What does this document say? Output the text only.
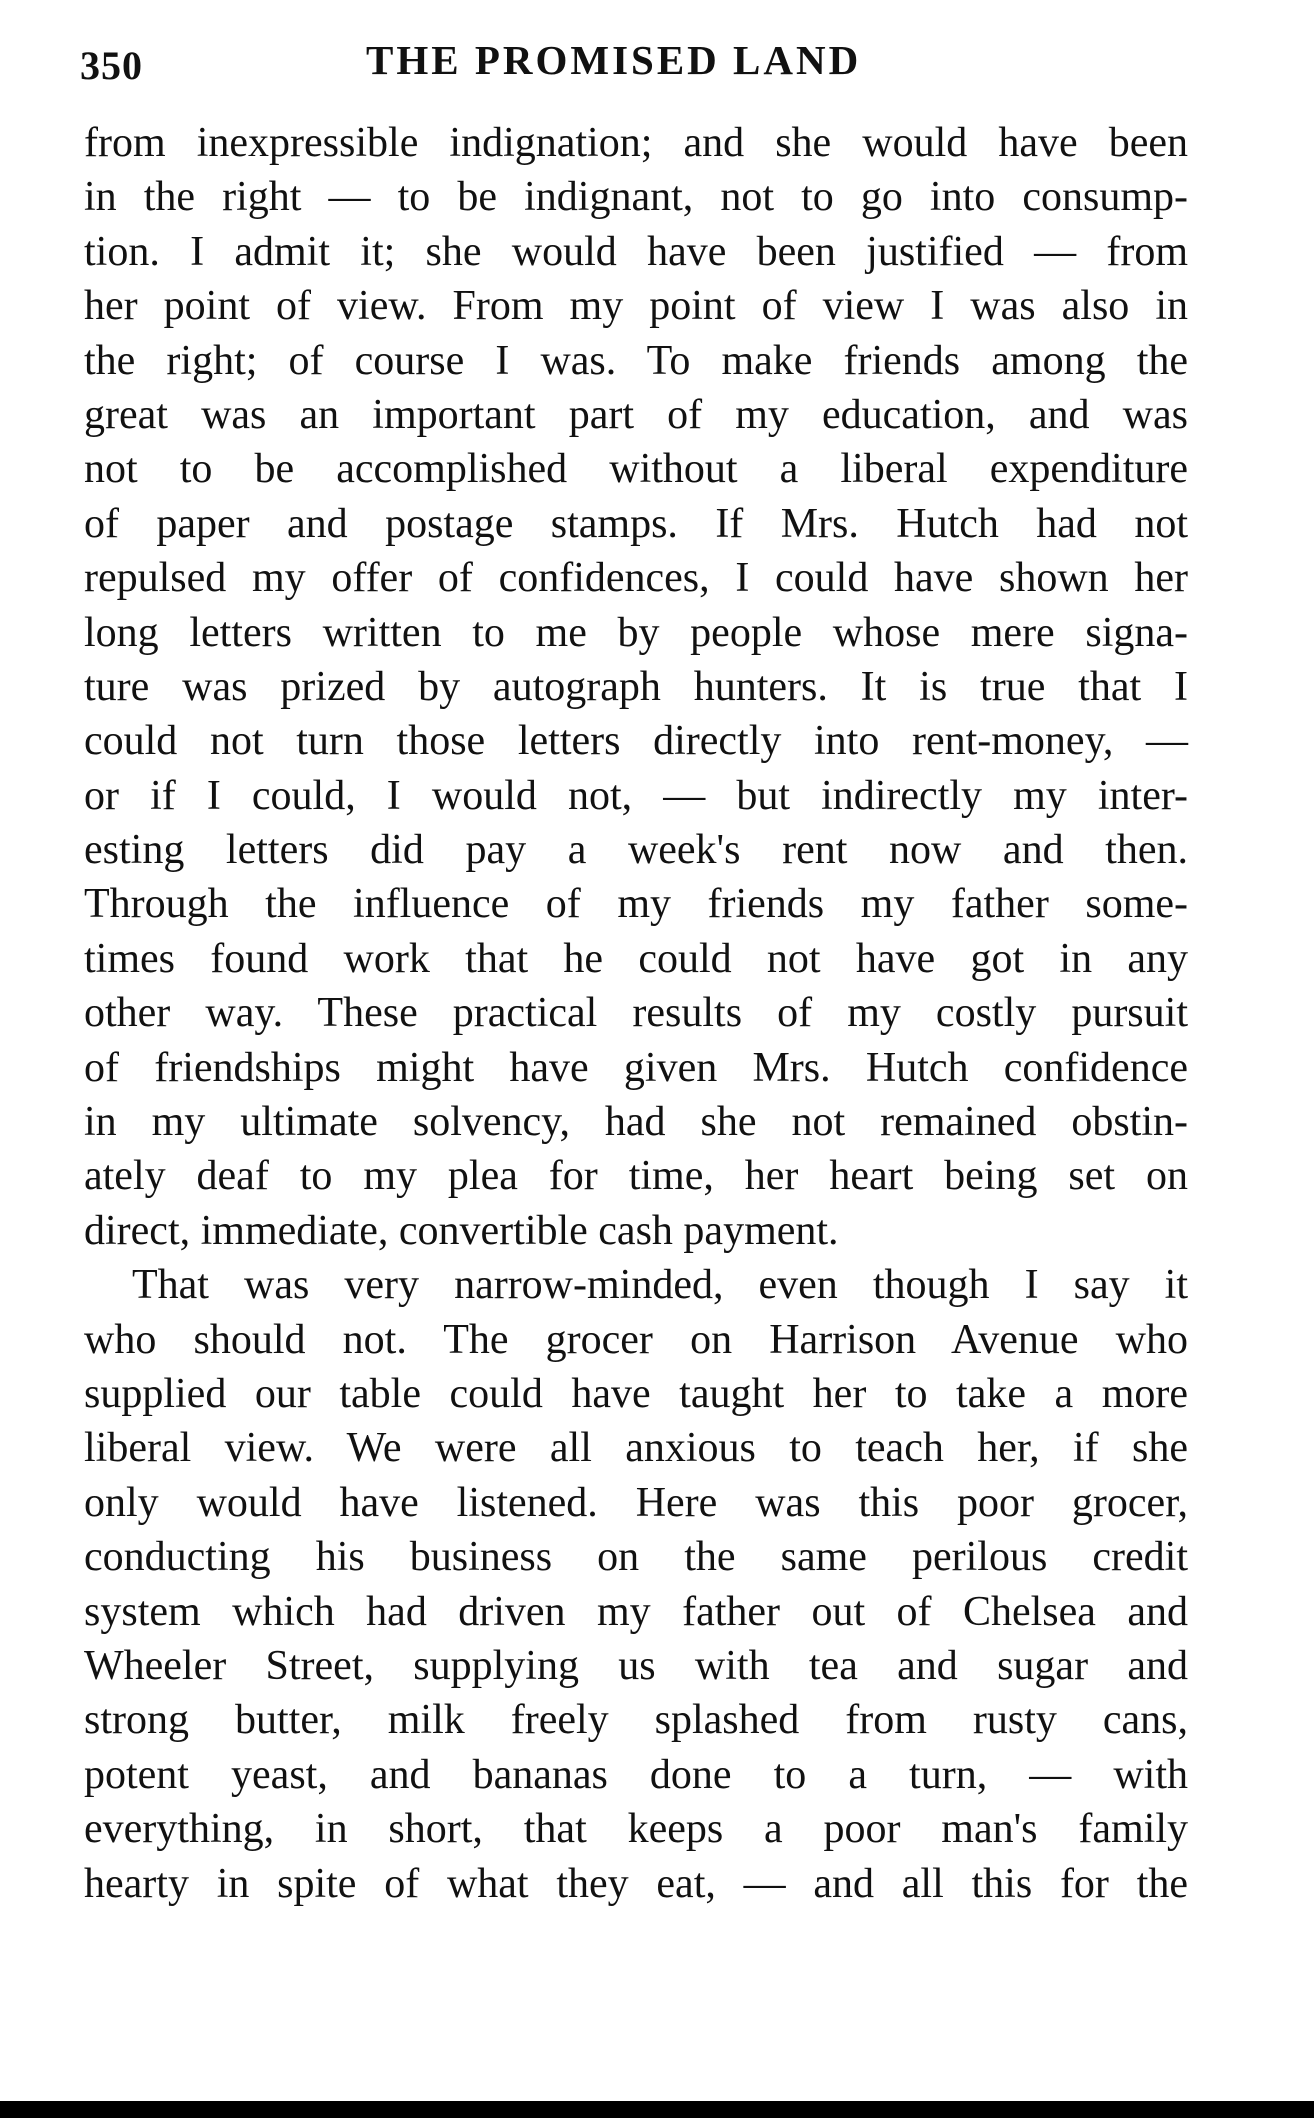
350	THE PROMISED LAND
from inexpressible indignation; and she would have been
in the right — to be indignant, not to go into consump-
tion. I admit it; she would have been justified — from
her point of view. From my point of view I was also in
the right; of course I was. To make friends among the
great was an important part of my education, and was
not to be accomplished without a liberal expenditure
of paper and postage stamps. If Mrs. Hutch had not
repulsed my offer of confidences, I could have shown her
long letters written to me by people whose mere signa-
ture was prized by autograph hunters. It is true that I
could not turn those letters directly into rent-money, —
or if I could, I would not, — but indirectly my inter-
esting letters did pay a week's rent now and then.
Through the influence of my friends my father some-
times found work that he could not have got in any
other way. These practical results of my costly pursuit
of friendships might have given Mrs. Hutch confidence
in my ultimate solvency, had she not remained obstin-
ately deaf to my plea for time, her heart being set on
direct, immediate, convertible cash payment.
That was very narrow-minded, even though I say it
who should not. The grocer on Harrison Avenue who
supplied our table could have taught her to take a more
liberal view. We were all anxious to teach her, if she
only would have listened. Here was this poor grocer,
conducting his business on the same perilous credit
system which had driven my father out of Chelsea and
Wheeler Street, supplying us with tea and sugar and
strong butter, milk freely splashed from rusty cans,
potent yeast, and bananas done to a turn, — with
everything, in short, that keeps a poor man's family
hearty in spite of what they eat, — and all this for the
